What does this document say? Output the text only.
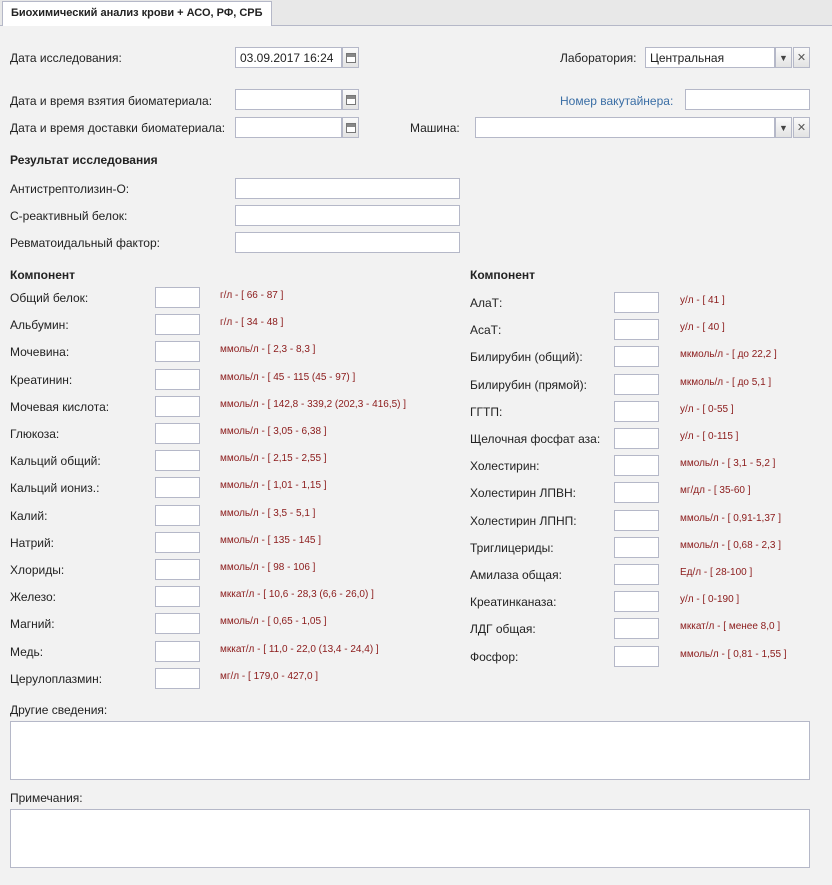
Биохимический анализ крови + АСО, РФ, СРБ
Дата исследования:	03.09.2017 16:24	Лаборатория:	Центральная	▼ ✕
Дата и время взятия биоматериала:	Номер вакутайнера:
Дата и время доставки биоматериала:	Машина:	▼ ✕
Результат исследования
Антистрептолизин-О:
С-реактивный белок:
Ревматоидальный фактор:
Компонент	Компонент
Общий белок:	г/л - [ 66 - 87 ]
Альбумин:	г/л - [ 34 - 48 ]
Мочевина:	ммоль/л - [ 2,3 - 8,3 ]
Креатинин:	ммоль/л - [ 45 - 115 (45 - 97) ]
Мочевая кислота:	ммоль/л - [ 142,8 - 339,2 (202,3 - 416,5) ]
Глюкоза:	ммоль/л - [ 3,05 - 6,38 ]
Кальций общий:	ммоль/л - [ 2,15 - 2,55 ]
Кальций иониз.:	ммоль/л - [ 1,01 - 1,15 ]
Калий:	ммоль/л - [ 3,5 - 5,1 ]
Натрий:	ммоль/л - [ 135 - 145 ]
Хлориды:	ммоль/л - [ 98 - 106 ]
Железо:	мккат/л - [ 10,6 - 28,3 (6,6 - 26,0) ]
Магний:	ммоль/л - [ 0,65 - 1,05 ]
Медь:	мккат/л - [ 11,0 - 22,0 (13,4 - 24,4) ]
Церулоплазмин:	мг/л - [ 179,0 - 427,0 ]
АлаТ:	у/л - [ 41 ]
АсаТ:	у/л - [ 40 ]
Билирубин (общий):	мкмоль/л - [ до 22,2 ]
Билирубин (прямой):	мкмоль/л - [ до 5,1 ]
ГГТП:	у/л - [ 0-55 ]
Щелочная фосфат аза:	у/л - [ 0-115 ]
Холестирин:	ммоль/л - [ 3,1 - 5,2 ]
Холестирин ЛПВН:	мг/дл - [ 35-60 ]
Холестирин ЛПНП:	ммоль/л - [ 0,91-1,37 ]
Триглицериды:	ммоль/л - [ 0,68 - 2,3 ]
Амилаза общая:	Ед/л - [ 28-100 ]
Креатинканаза:	у/л - [ 0-190 ]
ЛДГ общая:	мккат/л - [ менее 8,0 ]
Фосфор:	ммоль/л - [ 0,81 - 1,55 ]
Другие сведения:
Примечания:
